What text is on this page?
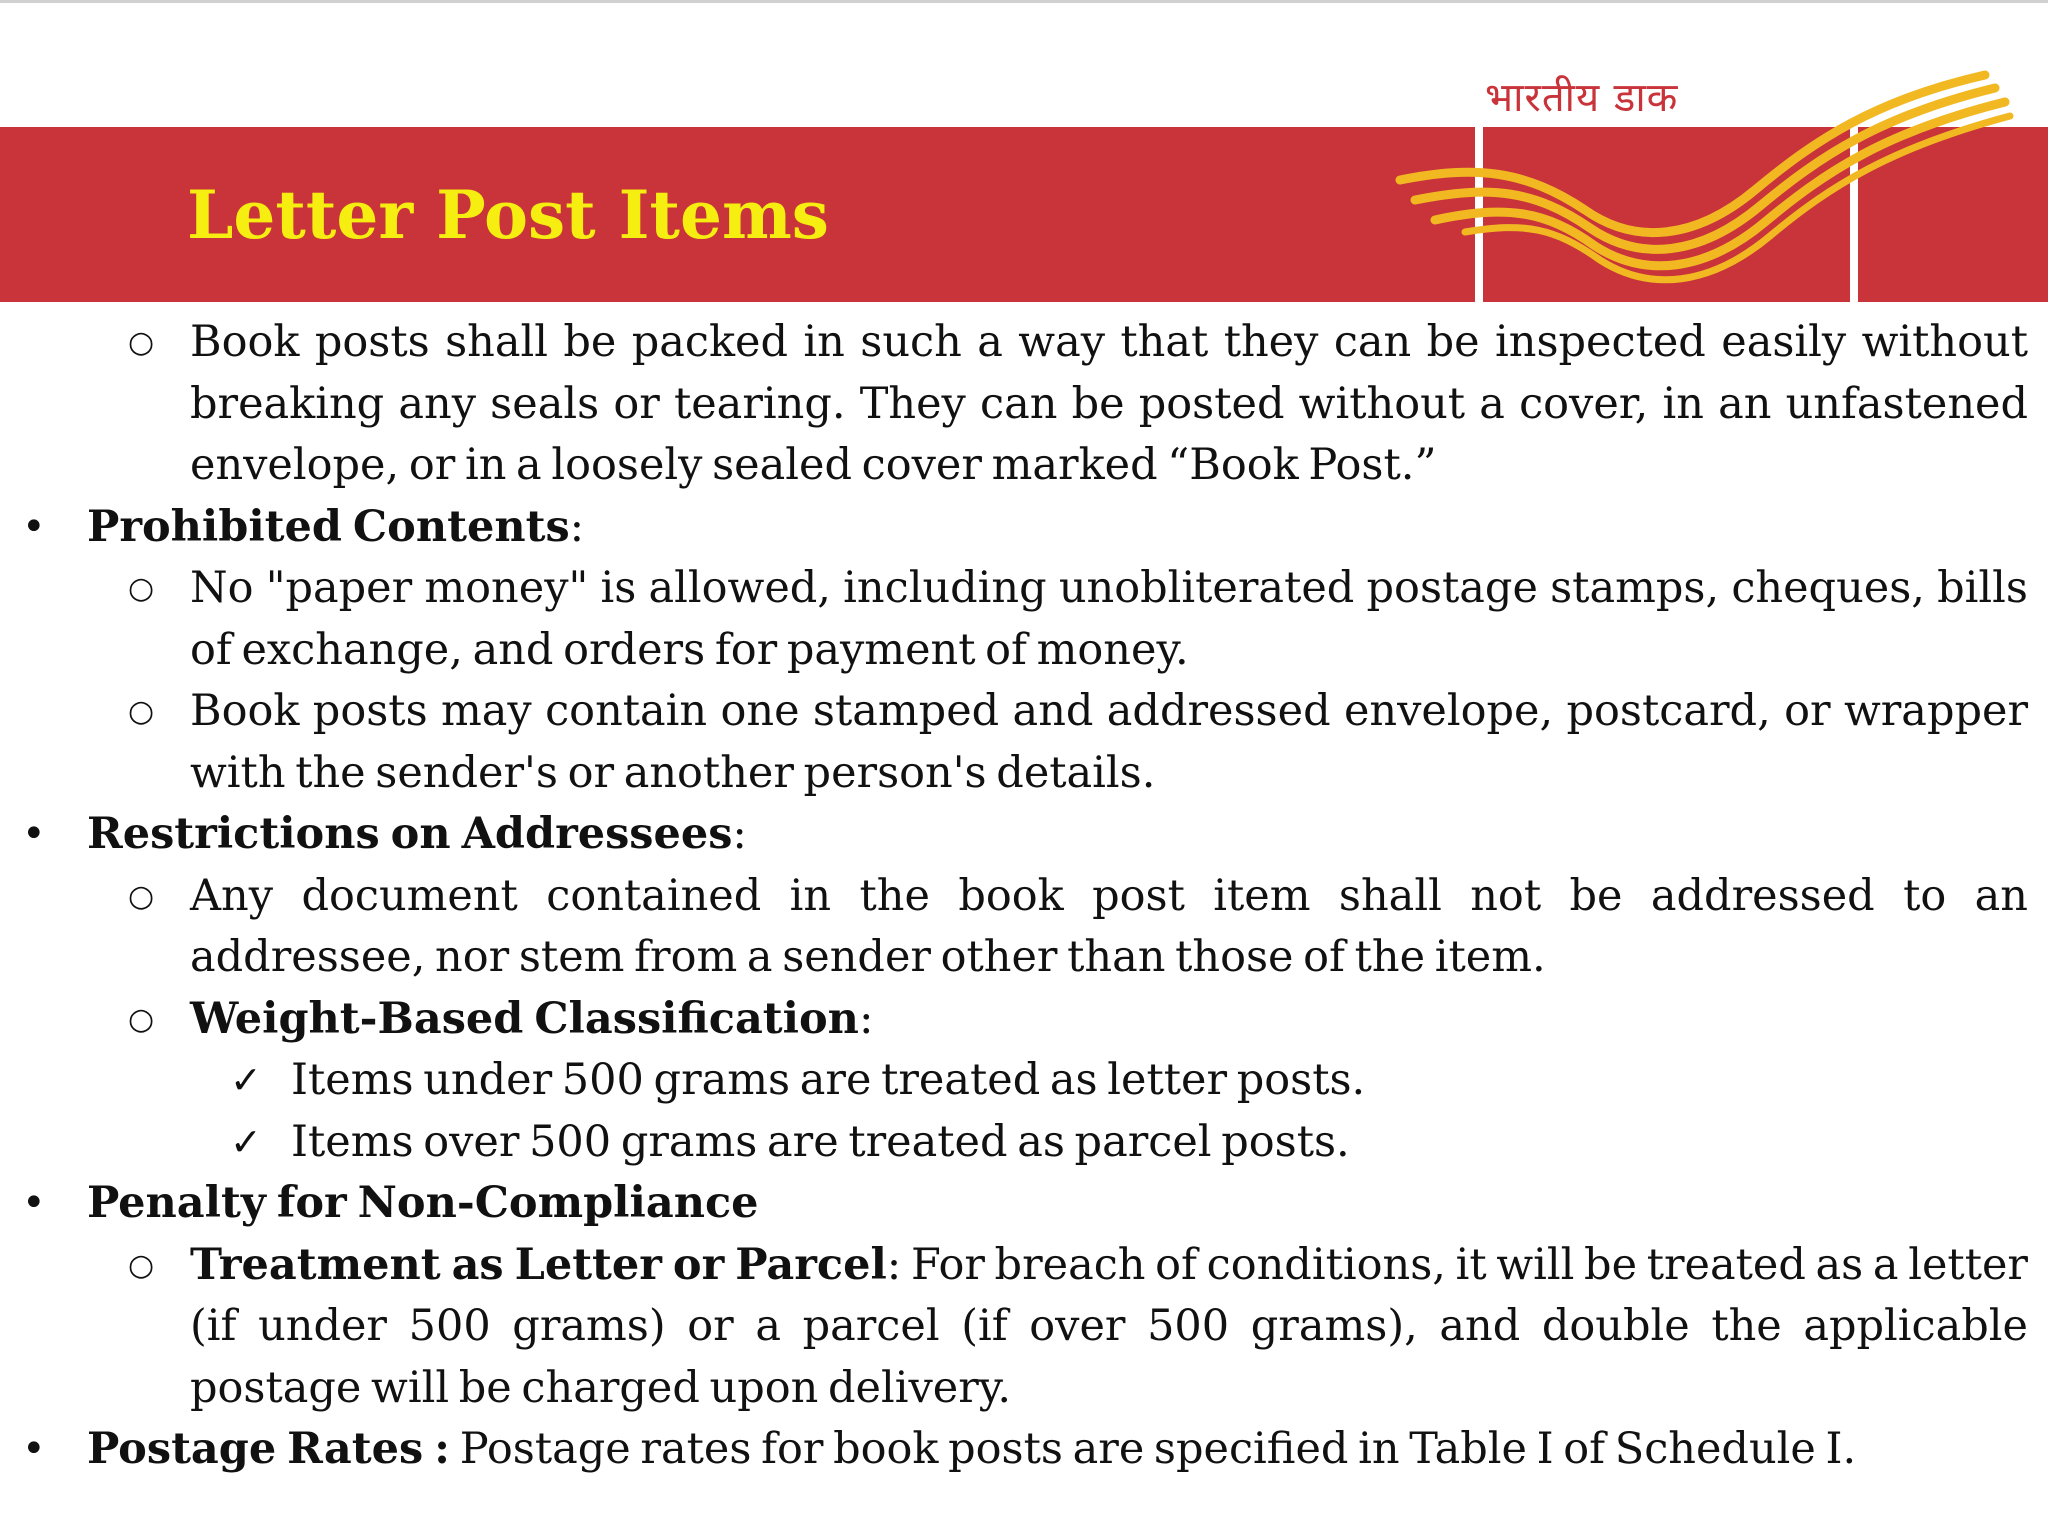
Letter Post Items
भारतीय डाक
○ Book posts shall be packed in such a way that they can be inspected easily without breaking any seals or tearing. They can be posted without a cover, in an unfastened envelope, or in a loosely sealed cover marked “Book Post.”
• Prohibited Contents:
○ No "paper money" is allowed, including unobliterated postage stamps, cheques, bills of exchange, and orders for payment of money.
○ Book posts may contain one stamped and addressed envelope, postcard, or wrapper with the sender's or another person's details.
• Restrictions on Addressees:
○ Any document contained in the book post item shall not be addressed to an addressee, nor stem from a sender other than those of the item.
○ Weight-Based Classification:
✓ Items under 500 grams are treated as letter posts.
✓ Items over 500 grams are treated as parcel posts.
• Penalty for Non-Compliance
○ Treatment as Letter or Parcel: For breach of conditions, it will be treated as a letter (if under 500 grams) or a parcel (if over 500 grams), and double the applicable postage will be charged upon delivery.
• Postage Rates : Postage rates for book posts are specified in Table I of Schedule I.
